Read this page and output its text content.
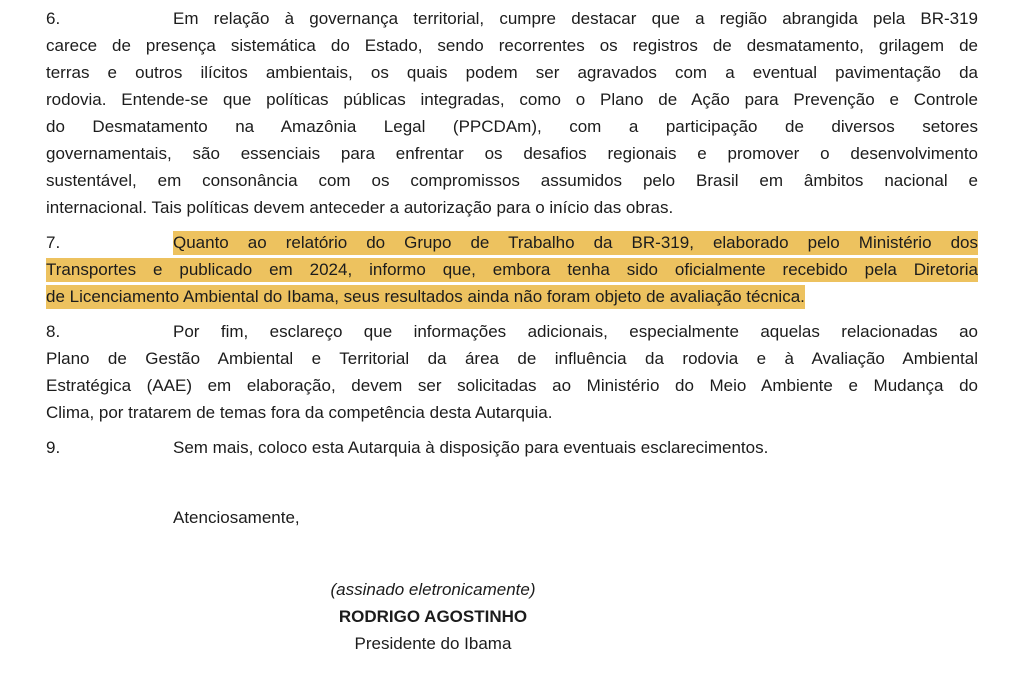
6.	Em relação à governança territorial, cumpre destacar que a região abrangida pela BR-319
carece de presença sistemática do Estado, sendo recorrentes os registros de desmatamento, grilagem de
terras e outros ilícitos ambientais, os quais podem ser agravados com a eventual pavimentação da
rodovia. Entende-se que políticas públicas integradas, como o Plano de Ação para Prevenção e Controle
do Desmatamento na Amazônia Legal (PPCDAm), com a participação de diversos setores
governamentais, são essenciais para enfrentar os desafios regionais e promover o desenvolvimento
sustentável, em consonância com os compromissos assumidos pelo Brasil em âmbitos nacional e
internacional. Tais políticas devem anteceder a autorização para o início das obras.
7.	Quanto ao relatório do Grupo de Trabalho da BR-319, elaborado pelo Ministério dos
Transportes e publicado em 2024, informo que, embora tenha sido oficialmente recebido pela Diretoria
de Licenciamento Ambiental do Ibama, seus resultados ainda não foram objeto de avaliação técnica.
8.	Por fim, esclareço que informações adicionais, especialmente aquelas relacionadas ao
Plano de Gestão Ambiental e Territorial da área de influência da rodovia e à Avaliação Ambiental
Estratégica (AAE) em elaboração, devem ser solicitadas ao Ministério do Meio Ambiente e Mudança do
Clima, por tratarem de temas fora da competência desta Autarquia.
9.	Sem mais, coloco esta Autarquia à disposição para eventuais esclarecimentos.
Atenciosamente,
(assinado eletronicamente)
RODRIGO AGOSTINHO
Presidente do Ibama
